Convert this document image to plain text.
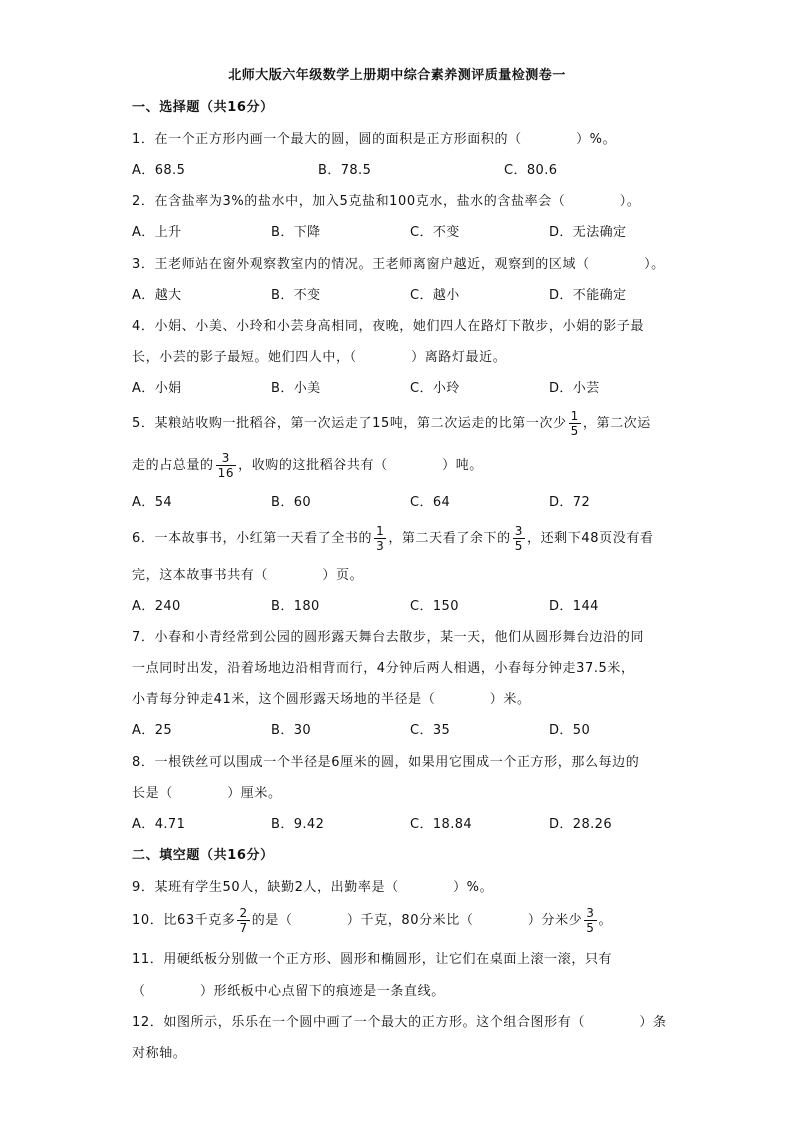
北师大版六年级数学上册期中综合素养测评质量检测卷一
一、选择题（共16分）
1．在一个正方形内画一个最大的圆，圆的面积是正方形面积的（　　　　）%。
A．68.5	B．78.5	C．80.6
2．在含盐率为3%的盐水中，加入5克盐和100克水，盐水的含盐率会（　　　　）。
A．上升	B．下降	C．不变	D．无法确定
3．王老师站在窗外观察教室内的情况。王老师离窗户越近，观察到的区域（　　　　）。
A．越大	B．不变	C．越小	D．不能确定
4．小娟、小美、小玲和小芸身高相同，夜晚，她们四人在路灯下散步，小娟的影子最
长，小芸的影子最短。她们四人中，（　　　　）离路灯最近。
A．小娟	B．小美	C．小玲	D．小芸
5．某粮站收购一批稻谷，第一次运走了15吨，第二次运走的比第一次少 $\frac{1}{5}$ ，第二次运
走的占总量的 $\frac{3}{16}$ ，收购的这批稻谷共有（　　　　）吨。
A．54	B．60	C．64	D．72
6．一本故事书，小红第一天看了全书的 $\frac{1}{3}$ ，第二天看了余下的 $\frac{3}{5}$ ，还剩下48页没有看
完，这本故事书共有（　　　　）页。
A．240	B．180	C．150	D．144
7．小春和小青经常到公园的圆形露天舞台去散步，某一天，他们从圆形舞台边沿的同
一点同时出发，沿着场地边沿相背而行，4分钟后两人相遇，小春每分钟走37.5米，
小青每分钟走41米，这个圆形露天场地的半径是（　　　　）米。
A．25	B．30	C．35	D．50
8．一根铁丝可以围成一个半径是6厘米的圆，如果用它围成一个正方形，那么每边的
长是（　　　　）厘米。
A．4.71	B．9.42	C．18.84	D．28.26
二、填空题（共16分）
9．某班有学生50人，缺勤2人，出勤率是（　　　　）%。
10．比63千克多 $\frac{2}{7}$ 的是（　　　　）千克，80分米比（　　　　）分米少 $\frac{3}{5}$ 。
11．用硬纸板分别做一个正方形、圆形和椭圆形，让它们在桌面上滚一滚，只有
（　　　　）形纸板中心点留下的痕迹是一条直线。
12．如图所示，乐乐在一个圆中画了一个最大的正方形。这个组合图形有（　　　　）条
对称轴。
